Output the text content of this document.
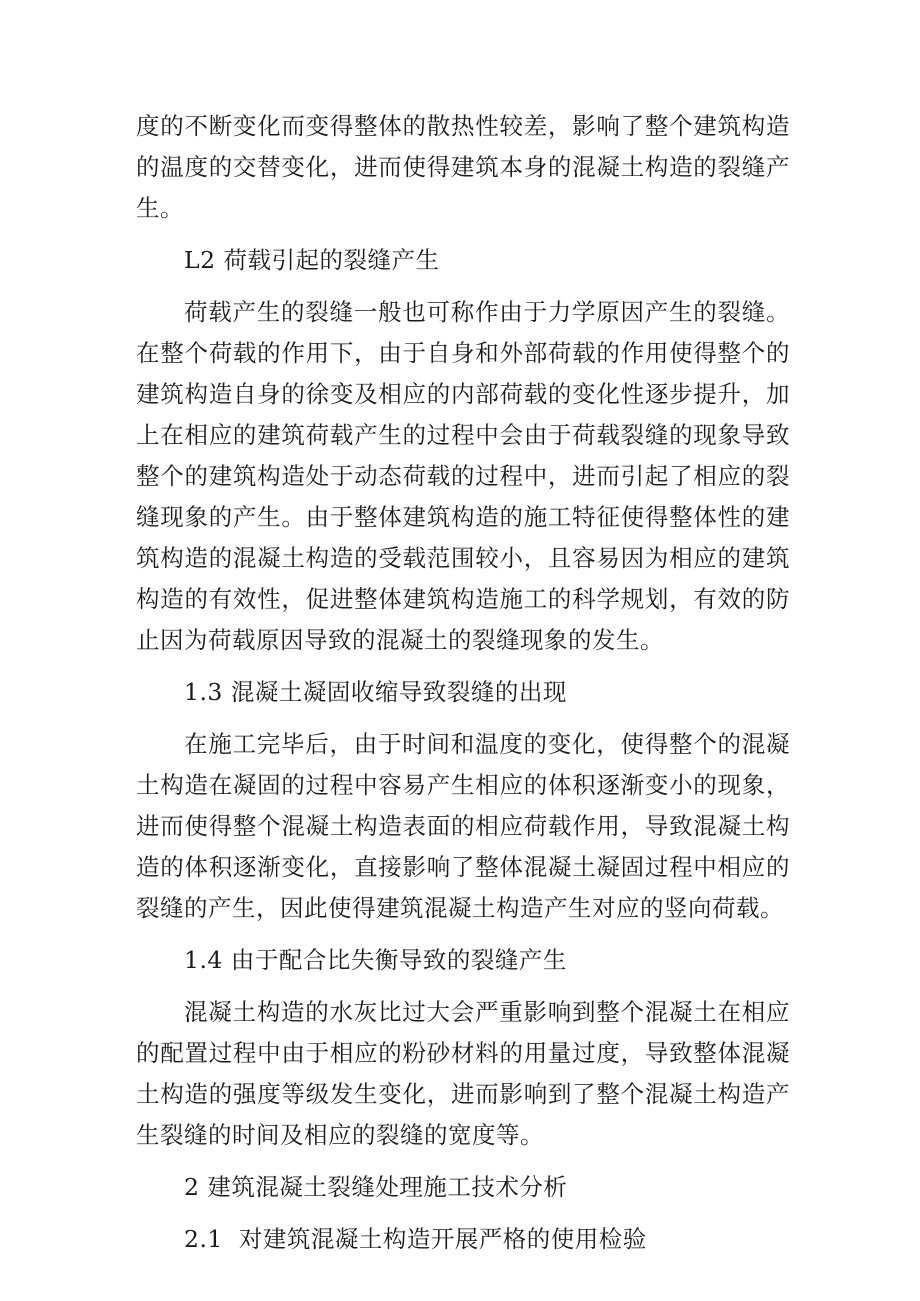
度的不断变化而变得整体的散热性较差，影响了整个建筑构造的温度的交替变化，进而使得建筑本身的混凝土构造的裂缝产生。

L2 荷载引起的裂缝产生

荷载产生的裂缝一般也可称作由于力学原因产生的裂缝。在整个荷载的作用下，由于自身和外部荷载的作用使得整个的建筑构造自身的徐变及相应的内部荷载的变化性逐步提升，加上在相应的建筑荷载产生的过程中会由于荷载裂缝的现象导致整个的建筑构造处于动态荷载的过程中，进而引起了相应的裂缝现象的产生。由于整体建筑构造的施工特征使得整体性的建筑构造的混凝土构造的受载范围较小，且容易因为相应的建筑构造的有效性，促进整体建筑构造施工的科学规划，有效的防止因为荷载原因导致的混凝土的裂缝现象的发生。

1.3 混凝土凝固收缩导致裂缝的出现

在施工完毕后，由于时间和温度的变化，使得整个的混凝土构造在凝固的过程中容易产生相应的体积逐渐变小的现象，进而使得整个混凝土构造表面的相应荷载作用，导致混凝土构造的体积逐渐变化，直接影响了整体混凝土凝固过程中相应的裂缝的产生，因此使得建筑混凝土构造产生对应的竖向荷载。

1.4 由于配合比失衡导致的裂缝产生

混凝土构造的水灰比过大会严重影响到整个混凝土在相应的配置过程中由于相应的粉砂材料的用量过度，导致整体混凝土构造的强度等级发生变化，进而影响到了整个混凝土构造产生裂缝的时间及相应的裂缝的宽度等。

2 建筑混凝土裂缝处理施工技术分析

2.1  对建筑混凝土构造开展严格的使用检验
